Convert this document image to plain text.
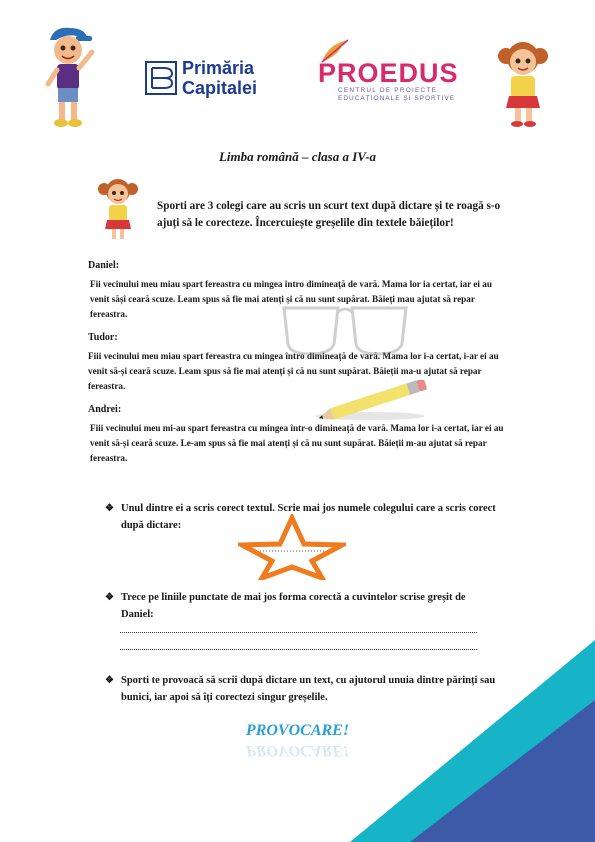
Primăria
Capitalei PROEDUS
CENTRUL DE PROIECTE
EDUCAȚIONALE ȘI SPORTIVE
Limba română – clasa a IV-a
Sporti are 3 colegi care au scris un scurt text după dictare și te roagă s-o ajuți să le corecteze. Încercuiește greșelile din textele băieților!
Daniel:
Fii vecinului meu miau spart fereastra cu mingea întro dimineață de vară. Mama lor ia certat, iar ei au venit sășî ceară scuze. Leam spus să fie mai atenți și că nu sunt supărat. Băieți mau ajutat să repar fereastra.
Tudor:
Fiii vecinului meu miau spart fereastra cu mingea întro dimineață de vară. Mama lor i-a certat, i-ar ei au venit să-și ceară scuze. Leam spus să fie mai atenți și că nu sunt supărat. Băieții ma-u ajutat să repar fereastra.
Andrei:
Fiii vecinului meu mi-au spart fereastra cu mingea într-o dimineață de vară. Mama lor i-a certat, iar ei au venit să-și ceară scuze. Le-am spus să fie mai atenți și că nu sunt supărat. Băieții m-au ajutat să repar fereastra.
❖ Unul dintre ei a scris corect textul. Scrie mai jos numele colegului care a scris corect după dictare:
❖ Trece pe liniile punctate de mai jos forma corectă a cuvintelor scrise greșit de Daniel:
❖ Sporti te provoacă să scrii după dictare un text, cu ajutorul unuia dintre părinți sau bunici, iar apoi să îți corectezi singur greșelile.
PROVOCARE!
PROVOCARE!
